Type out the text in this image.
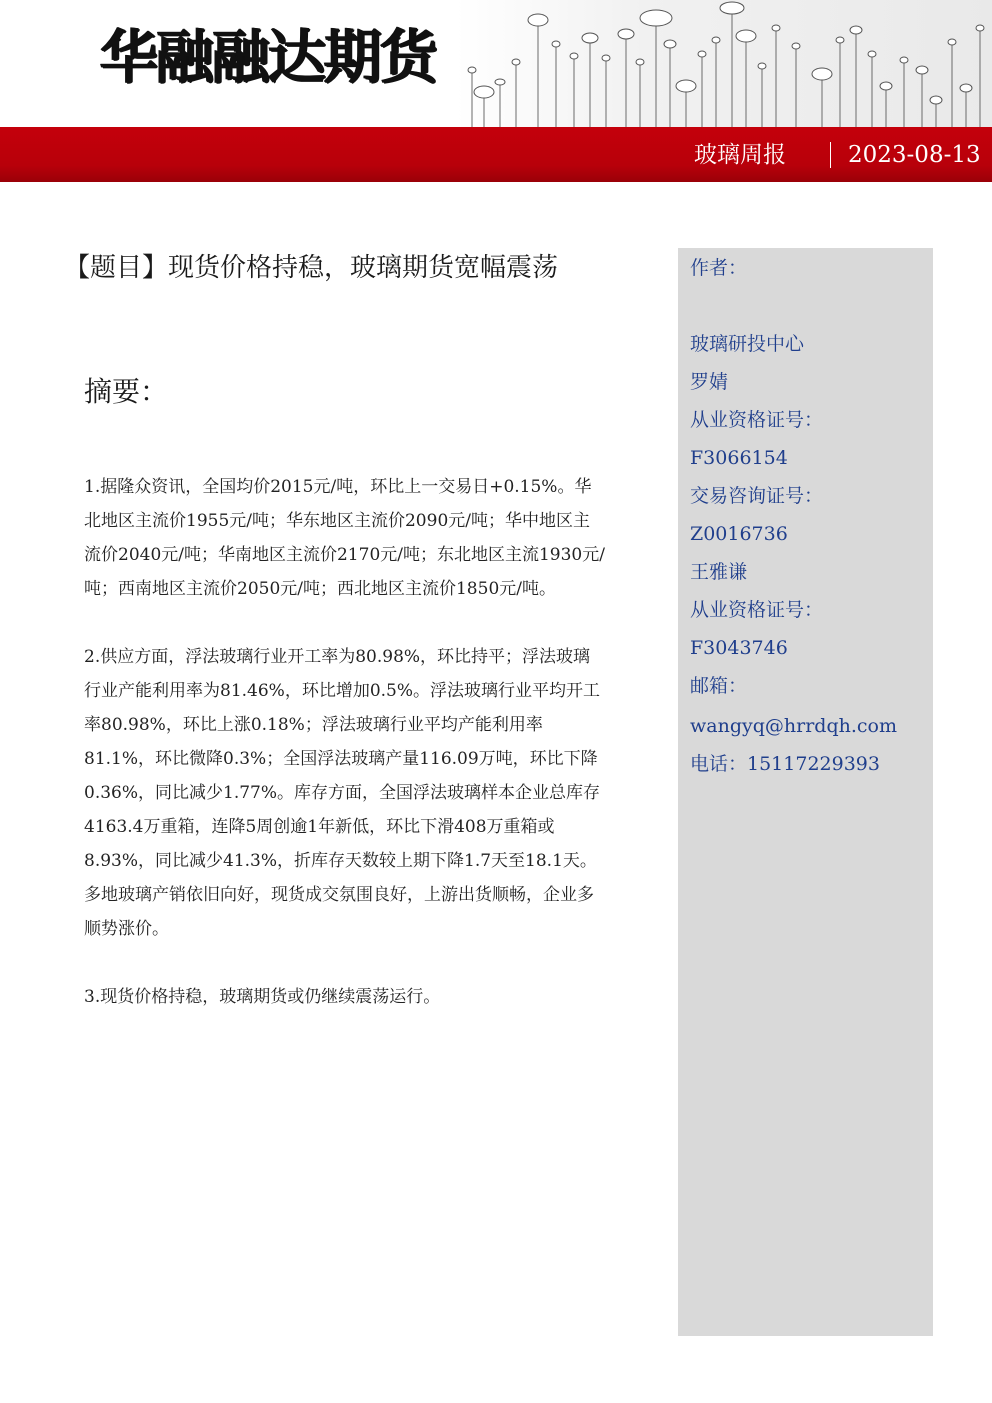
华融融达期货
玻璃周报	2023-08-13
【题目】现货价格持稳，玻璃期货宽幅震荡
摘要：

1.据隆众资讯，全国均价2015元/吨，环比上一交易日+0.15%。华北地区主流价1955元/吨；华东地区主流价2090元/吨；华中地区主流价2040元/吨；华南地区主流价2170元/吨；东北地区主流1930元/吨；西南地区主流价2050元/吨；西北地区主流价1850元/吨。

2.供应方面，浮法玻璃行业开工率为80.98%，环比持平；浮法玻璃行业产能利用率为81.46%，环比增加0.5%。浮法玻璃行业平均开工率80.98%，环比上涨0.18%；浮法玻璃行业平均产能利用率81.1%，环比微降0.3%；全国浮法玻璃产量116.09万吨，环比下降0.36%，同比减少1.77%。库存方面，全国浮法玻璃样本企业总库存4163.4万重箱，连降5周创逾1年新低，环比下滑408万重箱或8.93%，同比减少41.3%，折库存天数较上期下降1.7天至18.1天。多地玻璃产销依旧向好，现货成交氛围良好，上游出货顺畅，企业多顺势涨价。

3.现货价格持稳，玻璃期货或仍继续震荡运行。

作者：
玻璃研投中心
罗婧
从业资格证号：
F3066154
交易咨询证号：
Z0016736
王雅谦
从业资格证号：
F3043746
邮箱：
wangyq@hrrdqh.com
电话：15117229393
